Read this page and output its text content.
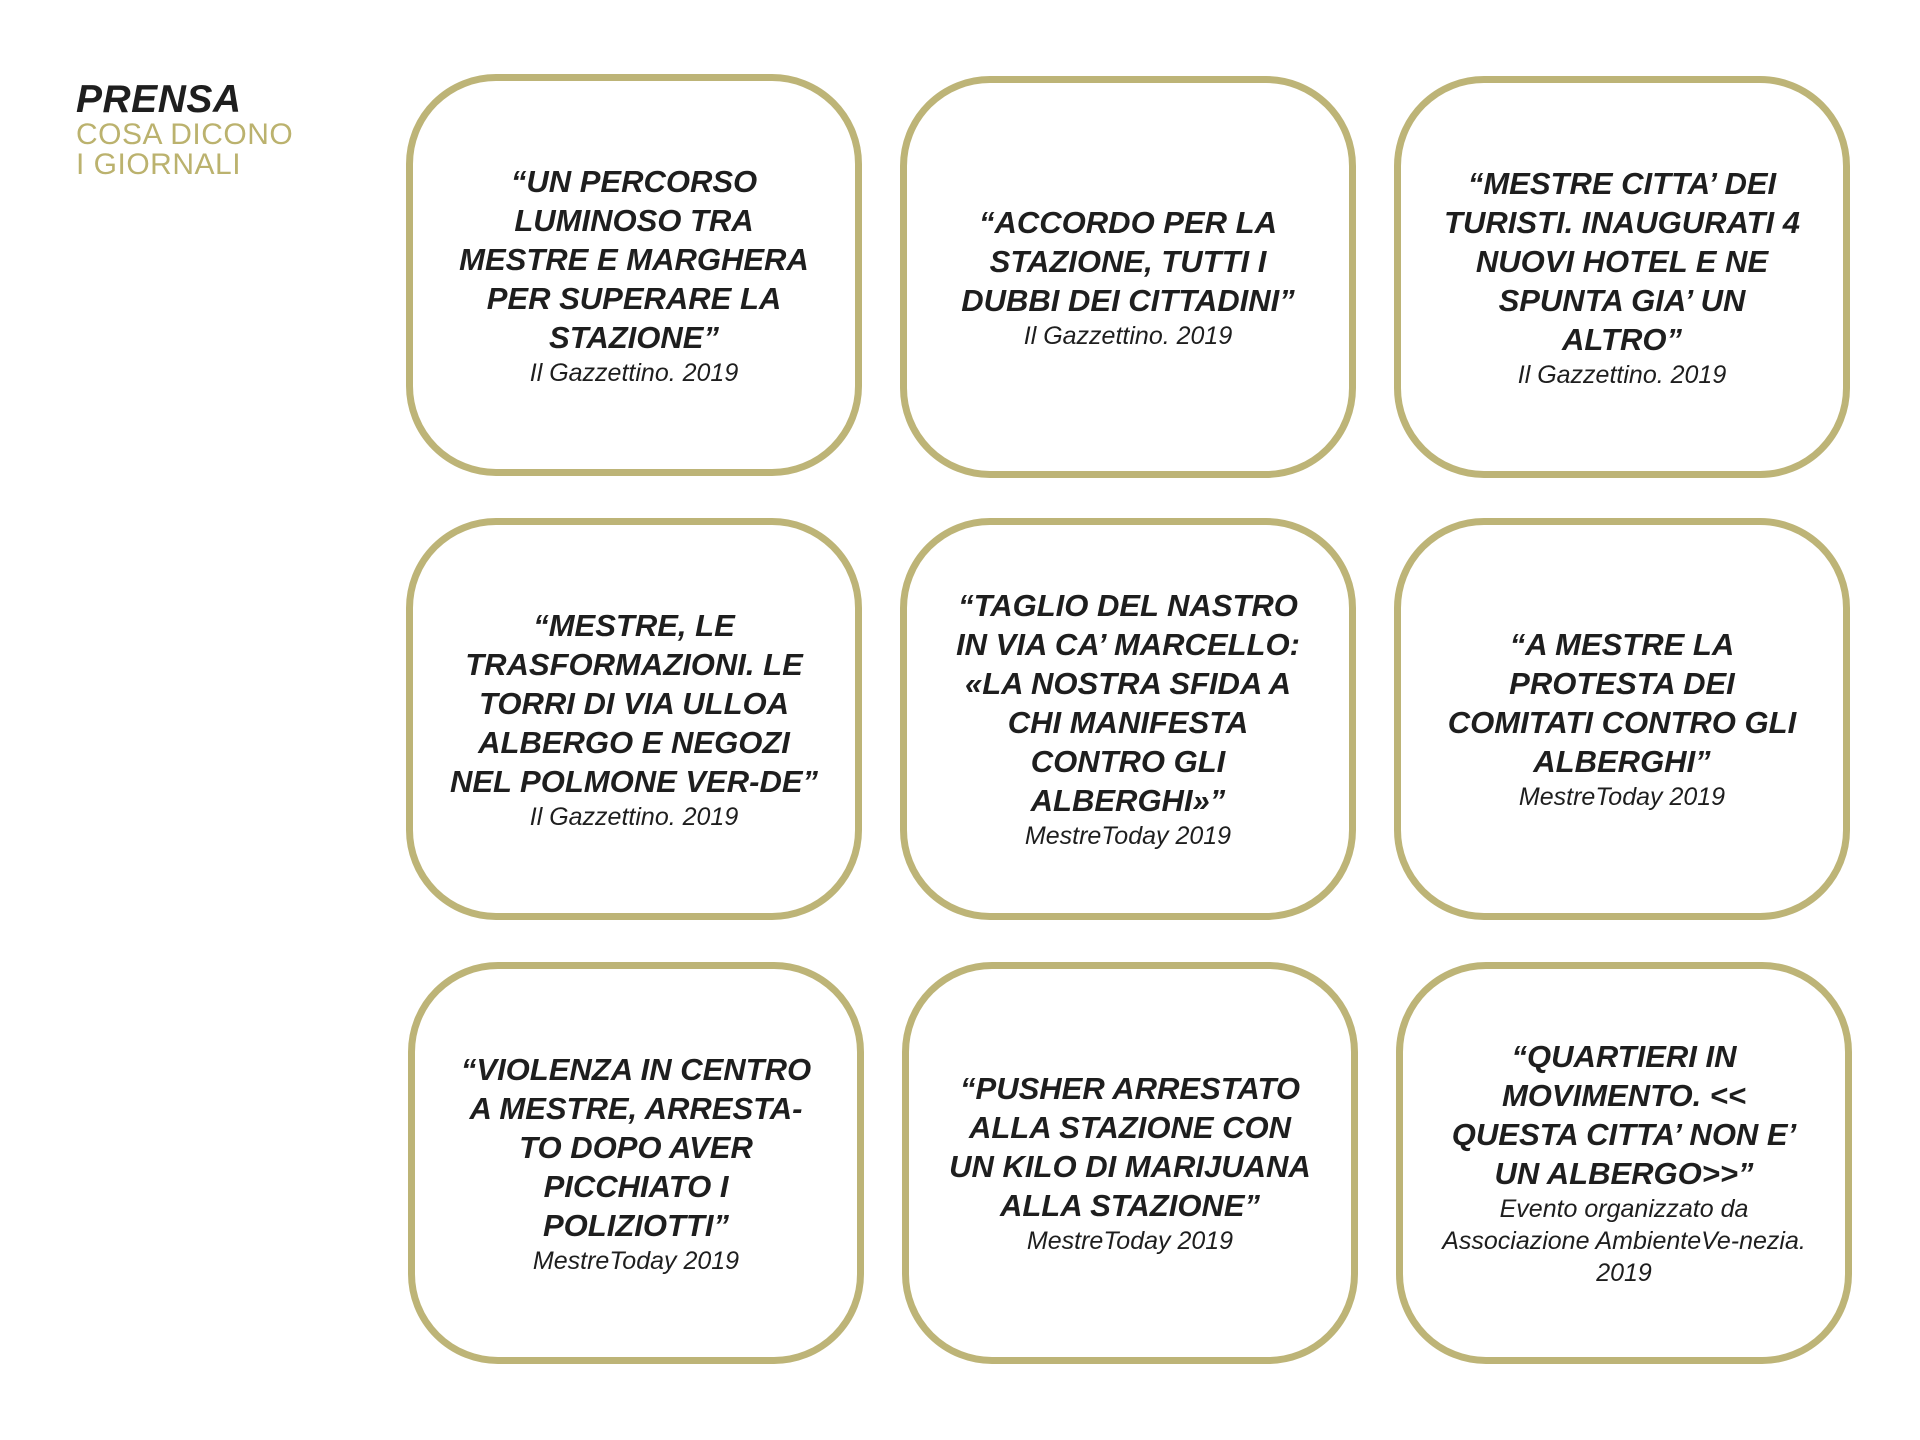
PRENSA
COSA DICONO
I GIORNALI	“UN PERCORSO LUMINOSO TRA MESTRE E MARGHERA PER SUPERARE LA STAZIONE”
Il Gazzettino. 2019
“ACCORDO PER LA STAZIONE, TUTTI I DUBBI DEI CITTADINI”
Il Gazzettino. 2019
“MESTRE CITTA’ DEI TURISTI. INAUGURATI 4 NUOVI HOTEL E NE SPUNTA GIA’ UN ALTRO”
Il Gazzettino. 2019
“MESTRE, LE TRASFORMAZIONI. LE TORRI DI VIA ULLOA ALBERGO E NEGOZI NEL POLMONE VER-DE”
Il Gazzettino. 2019
“TAGLIO DEL NASTRO IN VIA CA’ MARCELLO: «LA NOSTRA SFIDA A CHI MANIFESTA CONTRO GLI ALBERGHI»”
MestreToday 2019
“A MESTRE LA PROTESTA DEI COMITATI CONTRO GLI ALBERGHI”
MestreToday 2019
“VIOLENZA IN CENTRO A MESTRE, ARRESTA-TO DOPO AVER PICCHIATO I POLIZIOTTI”
MestreToday 2019
“PUSHER ARRESTATO ALLA STAZIONE CON UN KILO DI MARIJUANA ALLA STAZIONE”
MestreToday 2019
“QUARTIERI IN MOVIMENTO. << QUESTA CITTA’ NON E’ UN ALBERGO>>”
Evento organizzato da Associazione AmbienteVe-nezia. 2019
